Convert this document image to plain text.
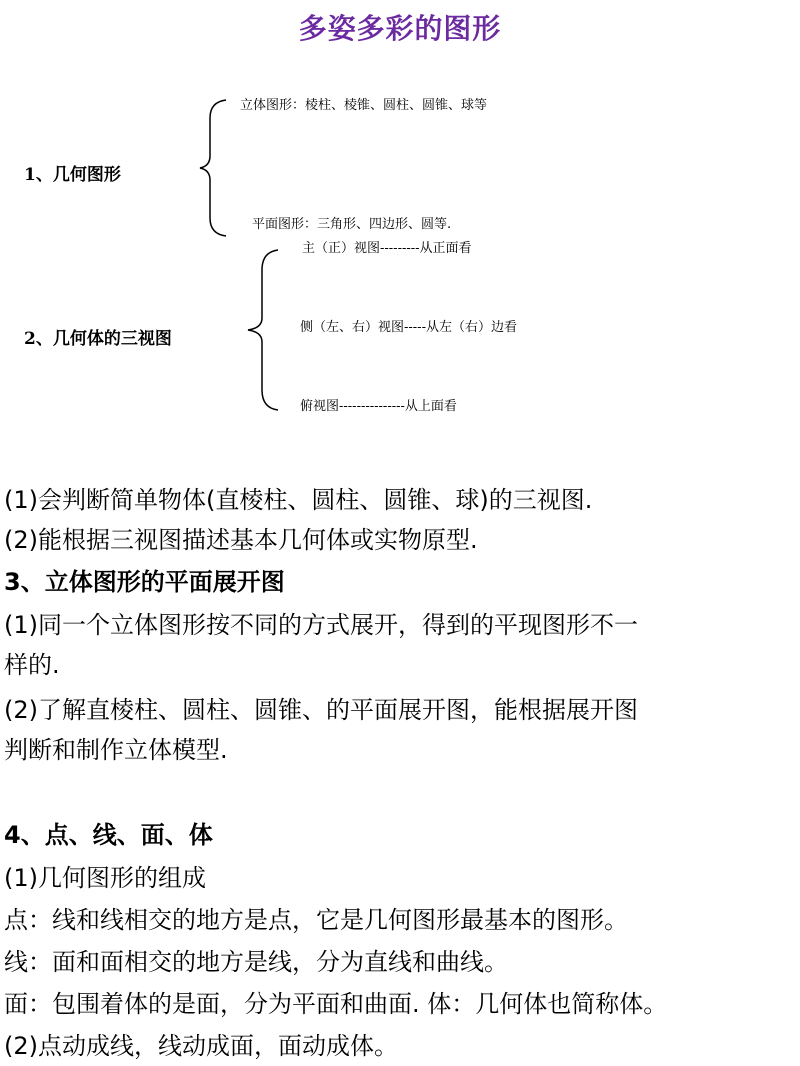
多姿多彩的图形
1、几何图形
立体图形：棱柱、棱锥、圆柱、圆锥、球等
平面图形：三角形、四边形、圆等.
2、几何体的三视图
主（正）视图---------从正面看
侧（左、右）视图-----从左（右）边看
俯视图---------------从上面看
(1)会判断简单物体(直棱柱、圆柱、圆锥、球)的三视图.
(2)能根据三视图描述基本几何体或实物原型.
3、立体图形的平面展开图
(1)同一个立体图形按不同的方式展开，得到的平现图形不一
样的.
(2)了解直棱柱、圆柱、圆锥、的平面展开图，能根据展开图
判断和制作立体模型.
4、点、线、面、体
(1)几何图形的组成
点：线和线相交的地方是点，它是几何图形最基本的图形。
线：面和面相交的地方是线，分为直线和曲线。
面：包围着体的是面，分为平面和曲面. 体：几何体也简称体。
(2)点动成线，线动成面，面动成体。
